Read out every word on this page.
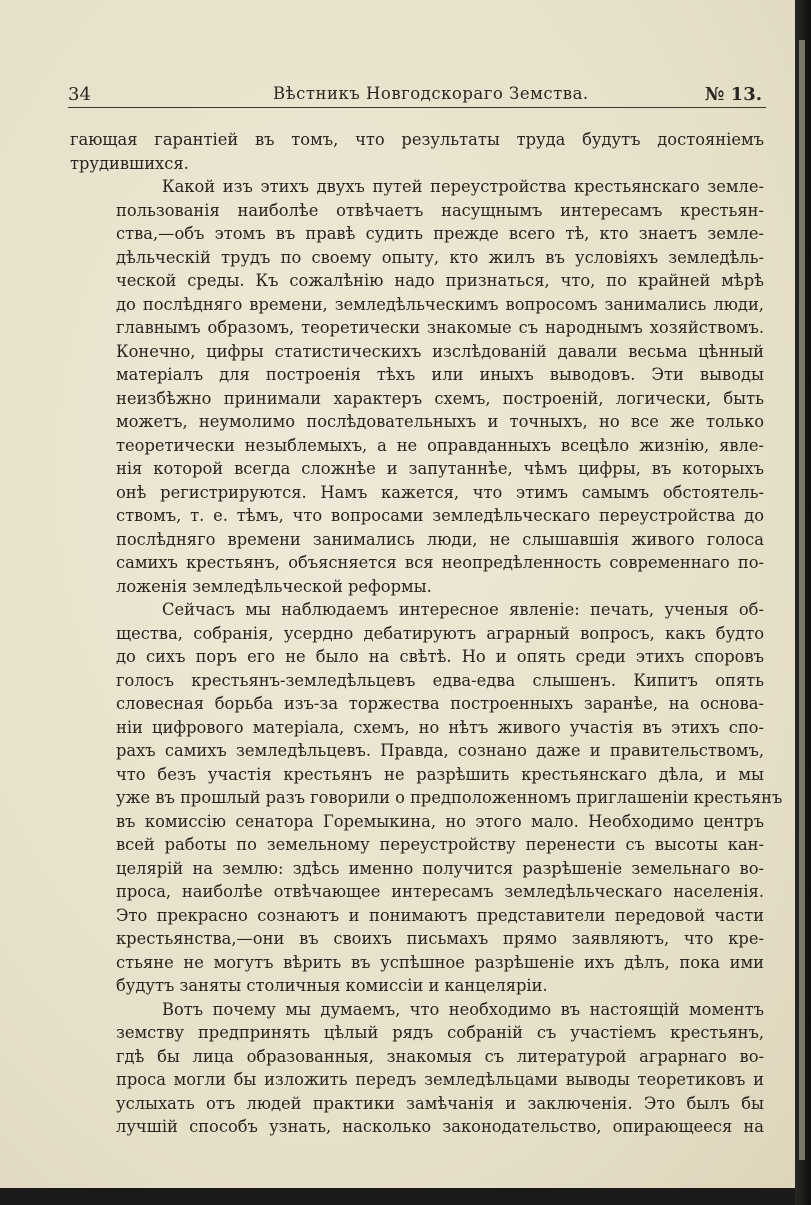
34	Вѣстникъ Новгодскораго Земства.	№ 13.
гающая гарантіей въ томъ, что результаты труда будутъ достояніемъ
трудившихся.
Какой изъ этихъ двухъ путей переустройства крестьянскаго земле-
пользованія наиболѣе отвѣчаетъ насущнымъ интересамъ крестьян-
ства,—объ этомъ въ правѣ судить прежде всего тѣ, кто знаетъ земле-
дѣльческій трудъ по своему опыту, кто жилъ въ условіяхъ земледѣль-
ческой среды. Къ сожалѣнію надо признаться, что, по крайней мѣрѣ
до послѣдняго времени, земледѣльческимъ вопросомъ занимались люди,
главнымъ образомъ, теоретически знакомые съ народнымъ хозяйствомъ.
Конечно, цифры статистическихъ изслѣдованій давали весьма цѣнный
матеріалъ для построенія тѣхъ или иныхъ выводовъ. Эти выводы
неизбѣжно принимали характеръ схемъ, построеній, логически, быть
можетъ, неумолимо послѣдовательныхъ и точныхъ, но все же только
теоретически незыблемыхъ, а не оправданныхъ всецѣло жизнію, явле-
нія которой всегда сложнѣе и запутаннѣе, чѣмъ цифры, въ которыхъ
онѣ регистрируются. Намъ кажется, что этимъ самымъ обстоятель-
ствомъ, т. е. тѣмъ, что вопросами земледѣльческаго переустройства до
послѣдняго времени занимались люди, не слышавшія живого голоса
самихъ крестьянъ, объясняется вся неопредѣленность современнаго по-
ложенія земледѣльческой реформы.
Сейчасъ мы наблюдаемъ интересное явленіе: печать, ученыя об-
щества, собранія, усердно дебатируютъ аграрный вопросъ, какъ будто
до сихъ поръ его не было на свѣтѣ. Но и опять среди этихъ споровъ
голосъ крестьянъ-земледѣльцевъ едва-едва слышенъ. Кипитъ опять
словесная борьба изъ-за торжества построенныхъ заранѣе, на основа-
ніи цифрового матеріала, схемъ, но нѣтъ живого участія въ этихъ спо-
рахъ самихъ земледѣльцевъ. Правда, сознано даже и правительствомъ,
что безъ участія крестьянъ не разрѣшить крестьянскаго дѣла, и мы
уже въ прошлый разъ говорили о предположенномъ приглашеніи крестьянъ
въ комиссію сенатора Горемыкина, но этого мало. Необходимо центръ
всей работы по земельному переустройству перенести съ высоты кан-
целярій на землю: здѣсь именно получится разрѣшеніе земельнаго во-
проса, наиболѣе отвѣчающее интересамъ земледѣльческаго населенія.
Это прекрасно сознаютъ и понимаютъ представители передовой части
крестьянства,—они въ своихъ письмахъ прямо заявляютъ, что кре-
стьяне не могутъ вѣрить въ успѣшное разрѣшеніе ихъ дѣлъ, пока ими
будутъ заняты столичныя комиссіи и канцеляріи.
Вотъ почему мы думаемъ, что необходимо въ настоящій моментъ
земству предпринять цѣлый рядъ собраній съ участіемъ крестьянъ,
гдѣ бы лица образованныя, знакомыя съ литературой аграрнаго во-
проса могли бы изложить передъ земледѣльцами выводы теоретиковъ и
услыхать отъ людей практики замѣчанія и заключенія. Это былъ бы
лучшій способъ узнать, насколько законодательство, опирающееся на
